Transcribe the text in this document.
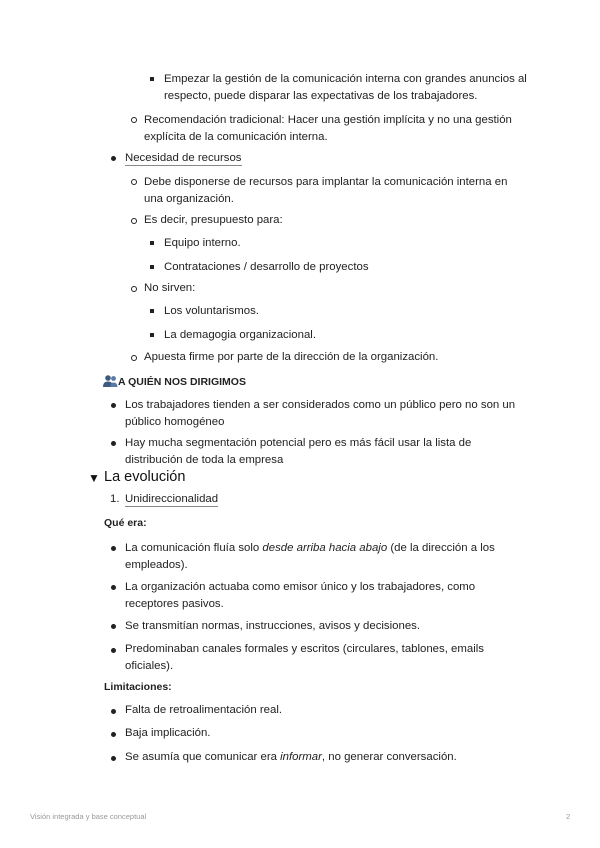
Empezar la gestión de la comunicación interna con grandes anuncios al respecto, puede disparar las expectativas de los trabajadores.

Recomendación tradicional: Hacer una gestión implícita y no una gestión explícita de la comunicación interna.

Necesidad de recursos

Debe disponerse de recursos para implantar la comunicación interna en una organización.

Es decir, presupuesto para:

Equipo interno.

Contrataciones / desarrollo de proyectos

No sirven:

Los voluntarismos.

La demagogia organizacional.

Apuesta firme por parte de la dirección de la organización.

A QUIÉN NOS DIRIGIMOS

Los trabajadores tienden a ser considerados como un público pero no son un público homogéneo

Hay mucha segmentación potencial pero es más fácil usar la lista de distribución de toda la empresa

▼ La evolución

1. Unidireccionalidad

Qué era:

La comunicación fluía solo desde arriba hacia abajo (de la dirección a los empleados).

La organización actuaba como emisor único y los trabajadores, como receptores pasivos.

Se transmitían normas, instrucciones, avisos y decisiones.

Predominaban canales formales y escritos (circulares, tablones, emails oficiales).

Limitaciones:

Falta de retroalimentación real.

Baja implicación.

Se asumía que comunicar era informar, no generar conversación.

Visión integrada y base conceptual	2
